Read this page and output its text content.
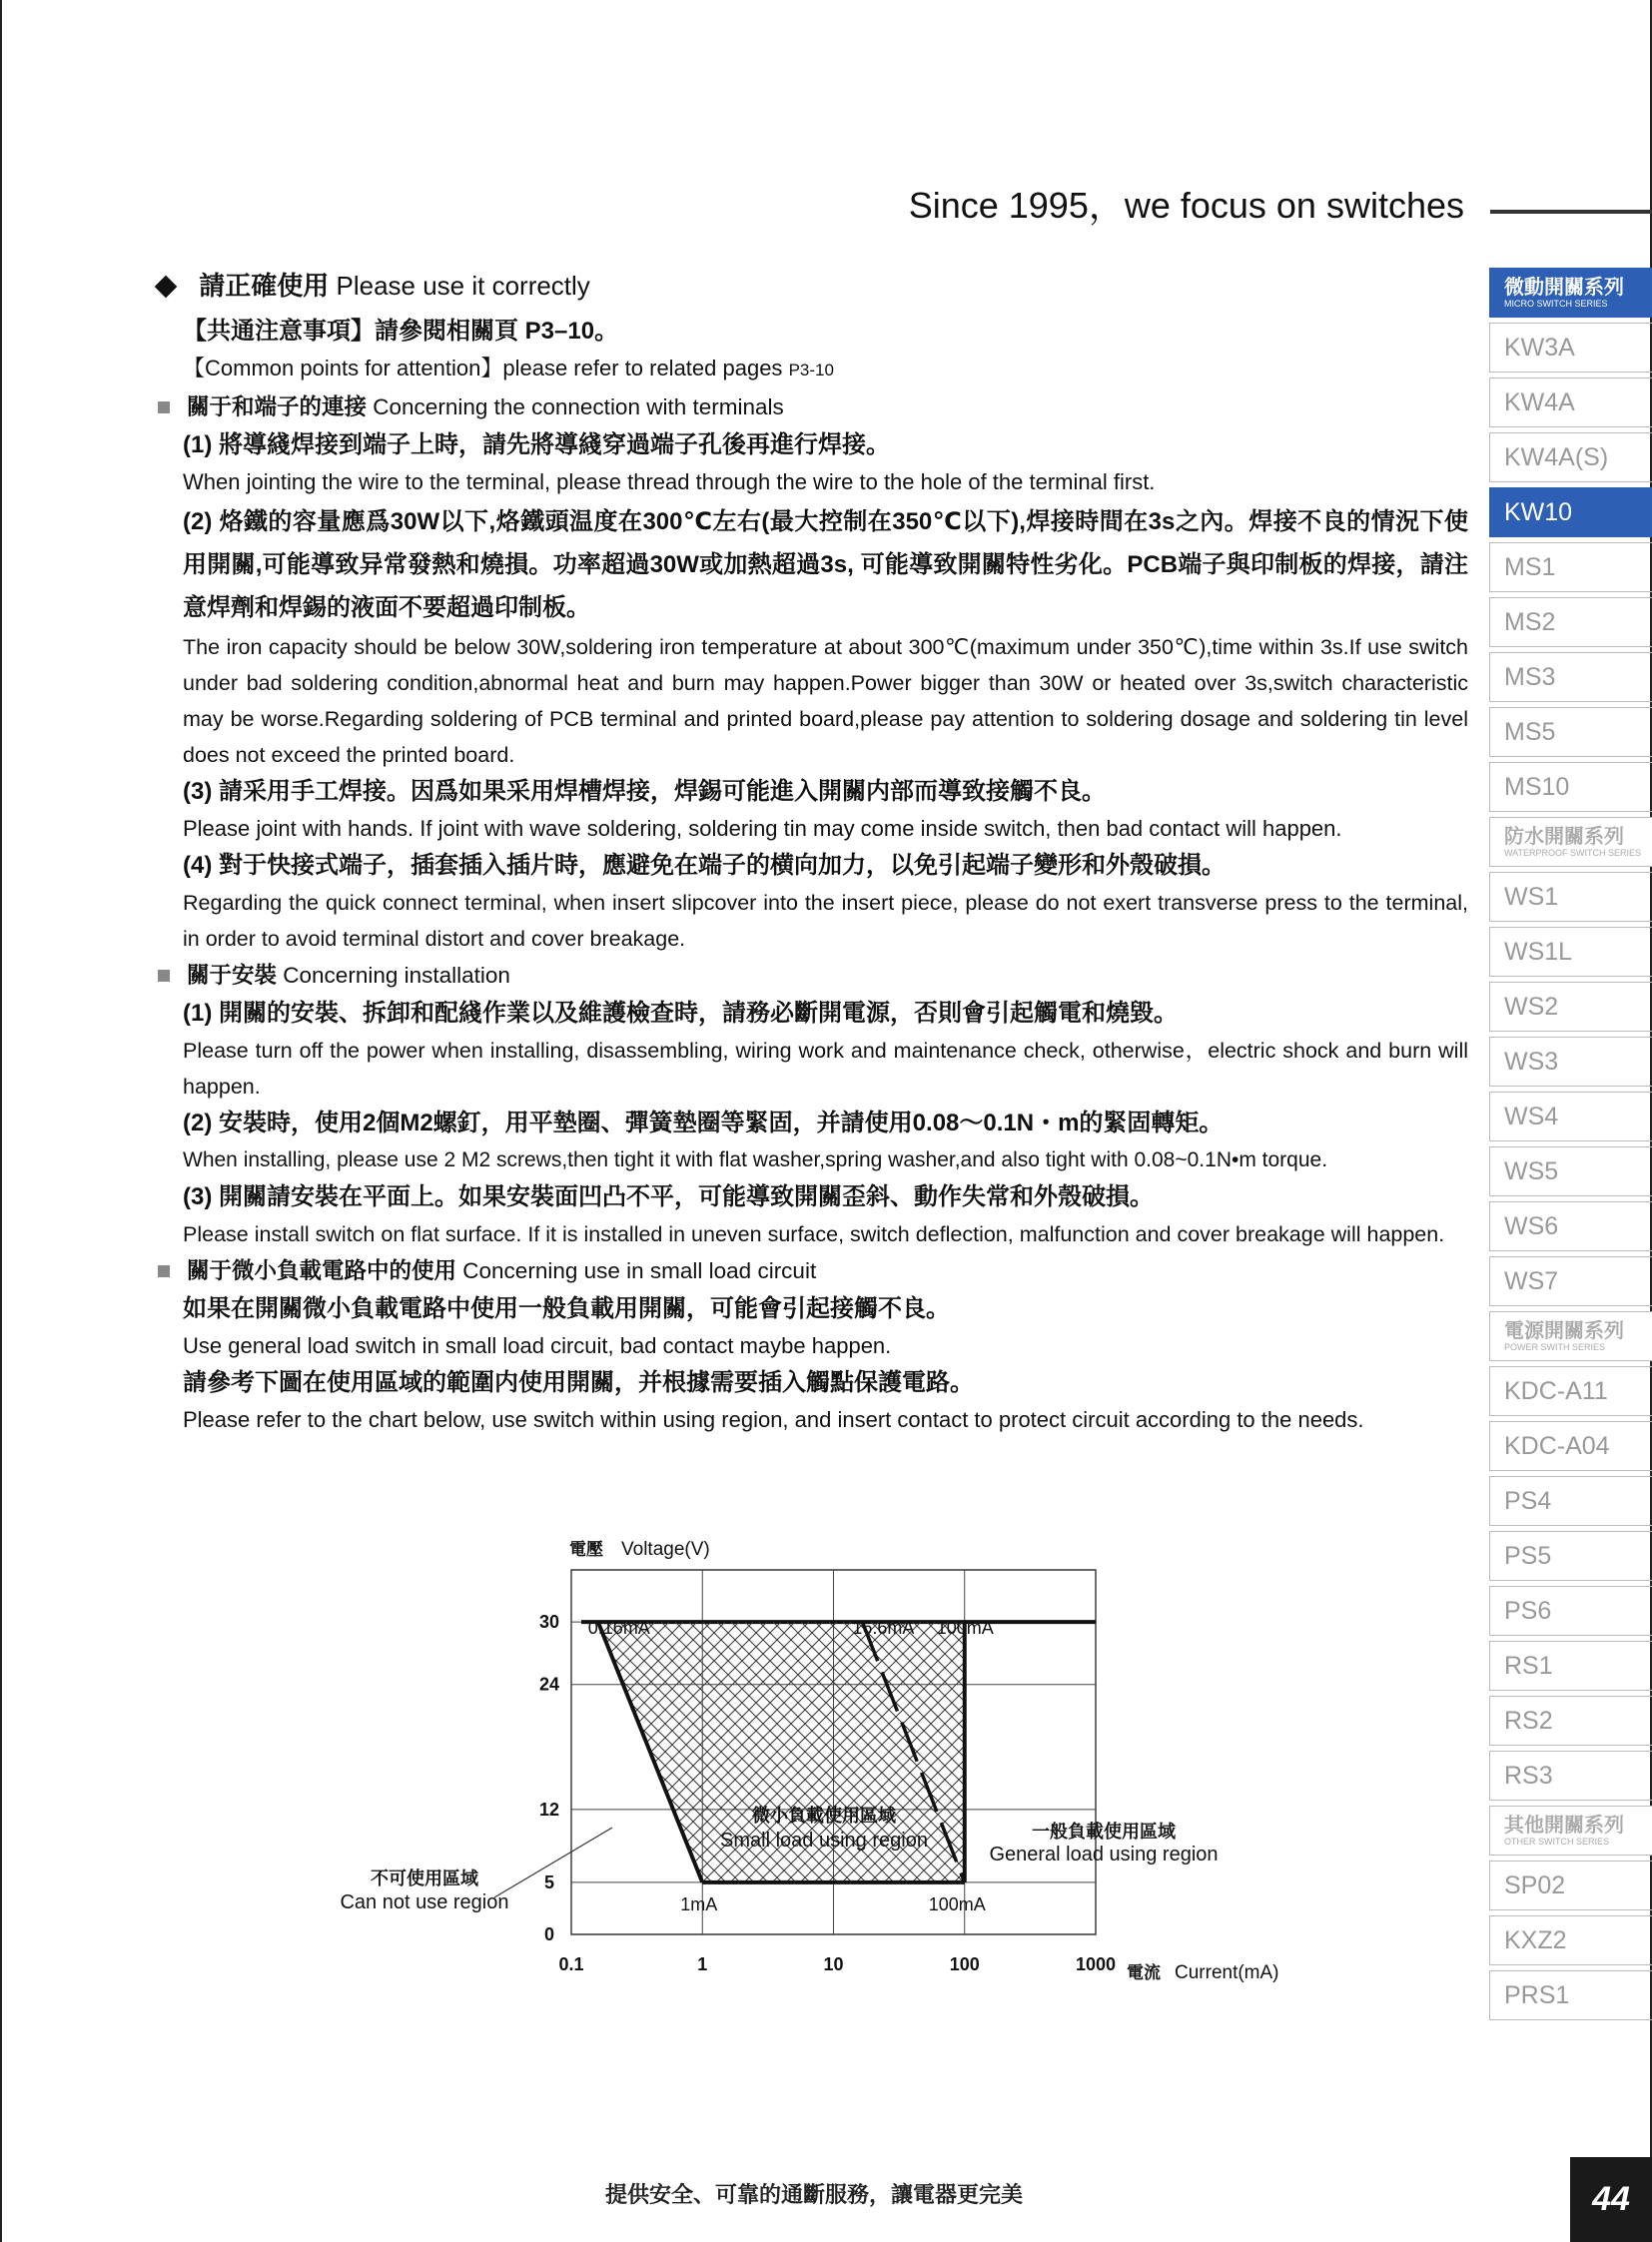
Since 1995，we focus on switches
請正確使用 Please use it correctly
【共通注意事項】請參閱相關頁 P3–10。
【Common points for attention】please refer to related pages P3-10
關于和端子的連接 Concerning the connection with terminals
(1) 將導綫焊接到端子上時，請先將導綫穿過端子孔後再進行焊接。
When jointing the wire to the terminal, please thread through the wire to the hole of the terminal first.
(2) 烙鐵的容量應爲30W以下,烙鐵頭温度在300℃左右(最大控制在350℃以下),焊接時間在3s之內。焊接不良的情況下使用開關,可能導致异常發熱和燒損。功率超過30W或加熱超過3s, 可能導致開關特性劣化。PCB端子與印制板的焊接，請注意焊劑和焊錫的液面不要超過印制板。
The iron capacity should be below 30W,soldering iron temperature at about 300℃(maximum under 350℃),time within 3s.If use switch under bad soldering condition,abnormal heat and burn may happen.Power bigger than 30W or heated over 3s,switch characteristic may be worse.Regarding soldering of PCB terminal and printed board,please pay attention to soldering dosage and soldering tin level does not exceed the printed board.
(3) 請采用手工焊接。因爲如果采用焊槽焊接，焊錫可能進入開關内部而導致接觸不良。
Please joint with hands. If joint with wave soldering, soldering tin may come inside switch, then bad contact will happen.
(4) 對于快接式端子，插套插入插片時，應避免在端子的横向加力，以免引起端子變形和外殼破損。
Regarding the quick connect terminal, when insert slipcover into the insert piece, please do not exert transverse press to the terminal, in order to avoid terminal distort and cover breakage.
關于安裝 Concerning installation
(1) 開關的安裝、拆卸和配綫作業以及維護檢查時，請務必斷開電源，否則會引起觸電和燒毀。
Please turn off the power when installing, disassembling, wiring work and maintenance check, otherwise，electric shock and burn will happen.
(2) 安裝時，使用2個M2螺釘，用平墊圈、彈簧墊圈等緊固，并請使用0.08～0.1N・m的緊固轉矩。
When installing, please use 2 M2 screws,then tight it with flat washer,spring washer,and also tight with 0.08~0.1N•m torque.
(3) 開關請安裝在平面上。如果安裝面凹凸不平，可能導致開關歪斜、動作失常和外殼破損。
Please install switch on flat surface. If it is installed in uneven surface, switch deflection, malfunction and cover breakage will happen.
關于微小負載電路中的使用 Concerning use in small load circuit
如果在開關微小負載電路中使用一般負載用開關，可能會引起接觸不良。
Use general load switch in small load circuit, bad contact maybe happen.
請參考下圖在使用區域的範圍内使用開關，并根據需要插入觸點保護電路。
Please refer to the chart below, use switch within using region, and insert contact to protect circuit according to the needs.
0.1	1	10	100	1000
0
5
12
24
30
電壓 Voltage(V)
電流 Current(mA)
0.16mA	16.6mA 100mA
1mA	100mA
微小負載使用區域
Small load using region	一般負載使用區域
General load using region
不可使用區域
Can not use region
微動開關系列
MICRO SWITCH SERIES
KW3A
KW4A
KW4A(S)
KW10
MS1
MS2
MS3
MS5
MS10
防水開關系列
WATERPROOF SWITCH SERIES
WS1
WS1L
WS2
WS3
WS4
WS5
WS6
WS7
電源開關系列
POWER SWITH SERIES
KDC-A11
KDC-A04
PS4
PS5
PS6
RS1
RS2
RS3
其他開關系列
OTHER SWITCH SERIES
SP02
KXZ2
PRS1
提供安全、可靠的通斷服務，讓電器更完美	44
